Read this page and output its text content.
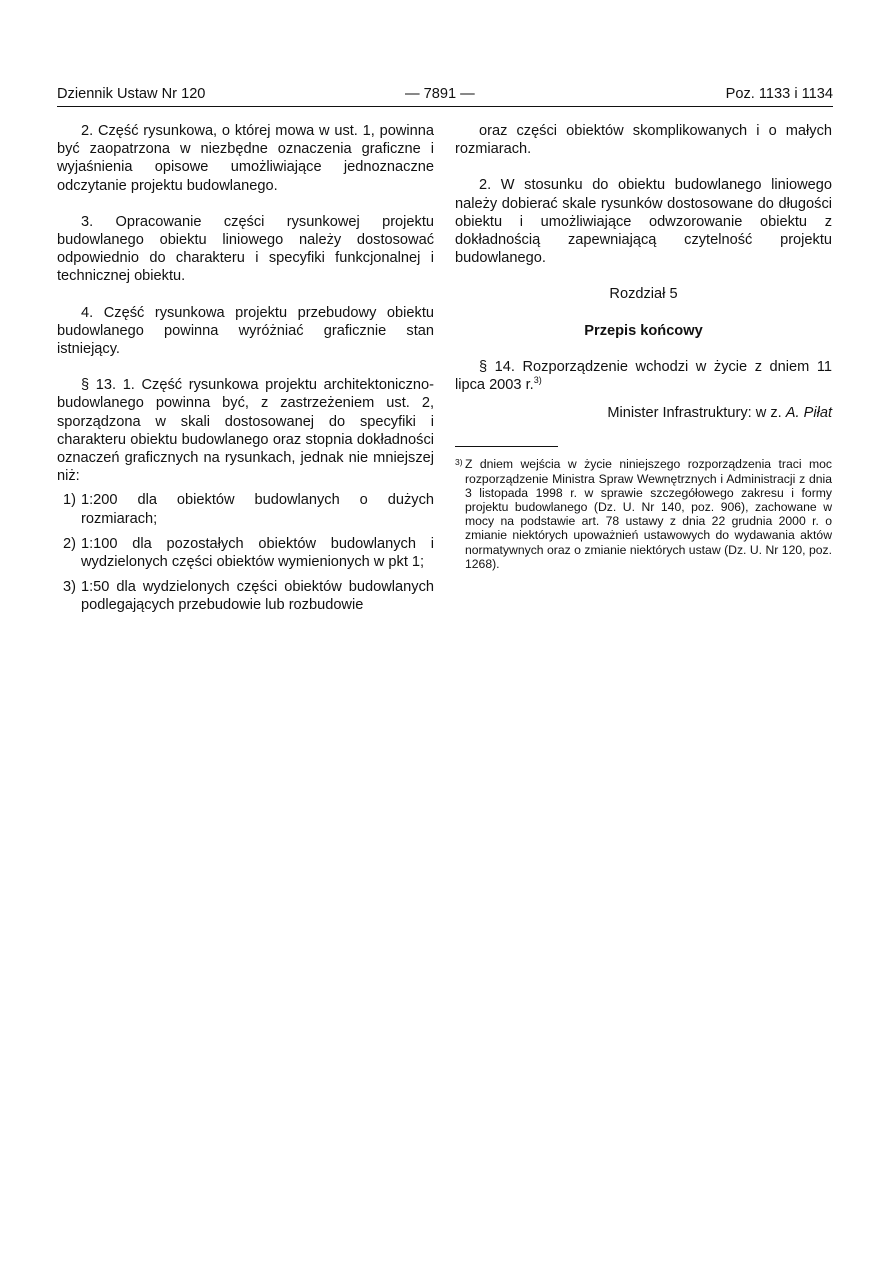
Dziennik Ustaw Nr 120	— 7891 —	Poz. 1133 i 1134

2. Część rysunkowa, o której mowa w ust. 1, powinna być zaopatrzona w niezbędne oznaczenia graficzne i wyjaśnienia opisowe umożliwiające jednoznaczne odczytanie projektu budowlanego.

3. Opracowanie części rysunkowej projektu budowlanego obiektu liniowego należy dostosować odpowiednio do charakteru i specyfiki funkcjonalnej i technicznej obiektu.

4. Część rysunkowa projektu przebudowy obiektu budowlanego powinna wyróżniać graficznie stan istniejący.

§ 13. 1. Część rysunkowa projektu architektoniczno-budowlanego powinna być, z zastrzeżeniem ust. 2, sporządzona w skali dostosowanej do specyfiki i charakteru obiektu budowlanego oraz stopnia dokładności oznaczeń graficznych na rysunkach, jednak nie mniejszej niż:

1) 1:200 dla obiektów budowlanych o dużych rozmiarach;
2) 1:100 dla pozostałych obiektów budowlanych i wydzielonych części obiektów wymienionych w pkt 1;
3) 1:50 dla wydzielonych części obiektów budowlanych podlegających przebudowie lub rozbudowie

oraz części obiektów skomplikowanych i o małych rozmiarach.

2. W stosunku do obiektu budowlanego liniowego należy dobierać skale rysunków dostosowane do długości obiektu i umożliwiające odwzorowanie obiektu z dokładnością zapewniającą czytelność projektu budowlanego.

Rozdział 5

Przepis końcowy

§ 14. Rozporządzenie wchodzi w życie z dniem 11 lipca 2003 r.$^{3)}$

Minister Infrastruktury: w z. A. Piłat

3) Z dniem wejścia w życie niniejszego rozporządzenia traci moc rozporządzenie Ministra Spraw Wewnętrznych i Administracji z dnia 3 listopada 1998 r. w sprawie szczegółowego zakresu i formy projektu budowlanego (Dz. U. Nr 140, poz. 906), zachowane w mocy na podstawie art. 78 ustawy z dnia 22 grudnia 2000 r. o zmianie niektórych upoważnień ustawowych do wydawania aktów normatywnych oraz o zmianie niektórych ustaw (Dz. U. Nr 120, poz. 1268).
